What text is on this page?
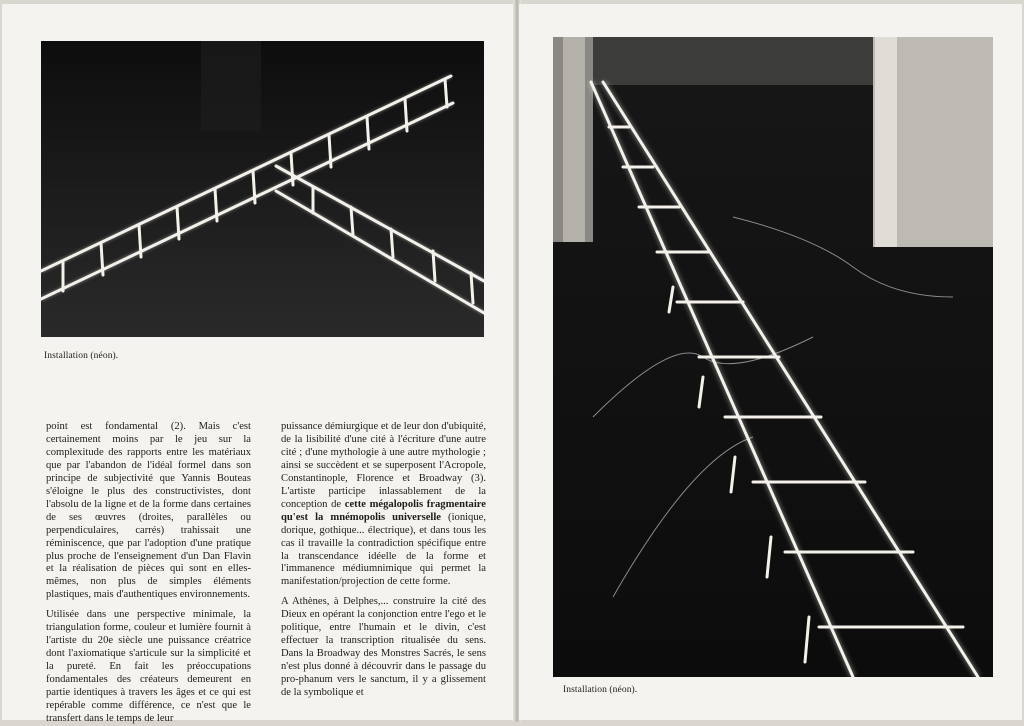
Installation (néon).

point est fondamental (2). Mais c'est certainement moins par le jeu sur la complexitude des rapports entre les matériaux que par l'abandon de l'idéal formel dans son principe de subjectivité que Yannis Bouteas s'éloigne le plus des constructivistes, dont l'absolu de la ligne et de la forme dans certaines de ses œuvres (droites, parallèles ou perpendiculaires, carrés) trahissait une réminiscence, que par l'adoption d'une pratique plus proche de l'enseignement d'un Dan Flavin et la réalisation de pièces qui sont en elles-mêmes, non plus de simples éléments plastiques, mais d'authentiques environnements.

Utilisée dans une perspective minimale, la triangulation forme, couleur et lumière fournit à l'artiste du 20e siècle une puissance créatrice dont l'axiomatique s'articule sur la simplicité et la pureté. En fait les préoccupations fondamentales des créateurs demeurent en partie identiques à travers les âges et ce qui est repérable comme différence, ce n'est que le transfert dans le temps de leur

puissance démiurgique et de leur don d'ubiquité, de la lisibilité d'une cité à l'écriture d'une autre cité ; d'une mythologie à une autre mythologie ; ainsi se succèdent et se superposent l'Acropole, Constantinople, Florence et Broadway (3). L'artiste participe inlassablement de la conception de cette mégalopolis fragmentaire qu'est la mnémopolis universelle (ionique, dorique, gothique... électrique), et dans tous les cas il travaille la contradiction spécifique entre la transcendance idéelle de la forme et l'immanence médiumnimique qui permet la manifestation/projection de cette forme.

A Athènes, à Delphes,... construire la cité des Dieux en opérant la conjonction entre l'ego et le politique, entre l'humain et le divin, c'est effectuer la transcription ritualisée du sens. Dans la Broadway des Monstres Sacrés, le sens n'est plus donné à découvrir dans le passage du pro-phanum vers le sanctum, il y a glissement de la symbolique et	Installation (néon).
